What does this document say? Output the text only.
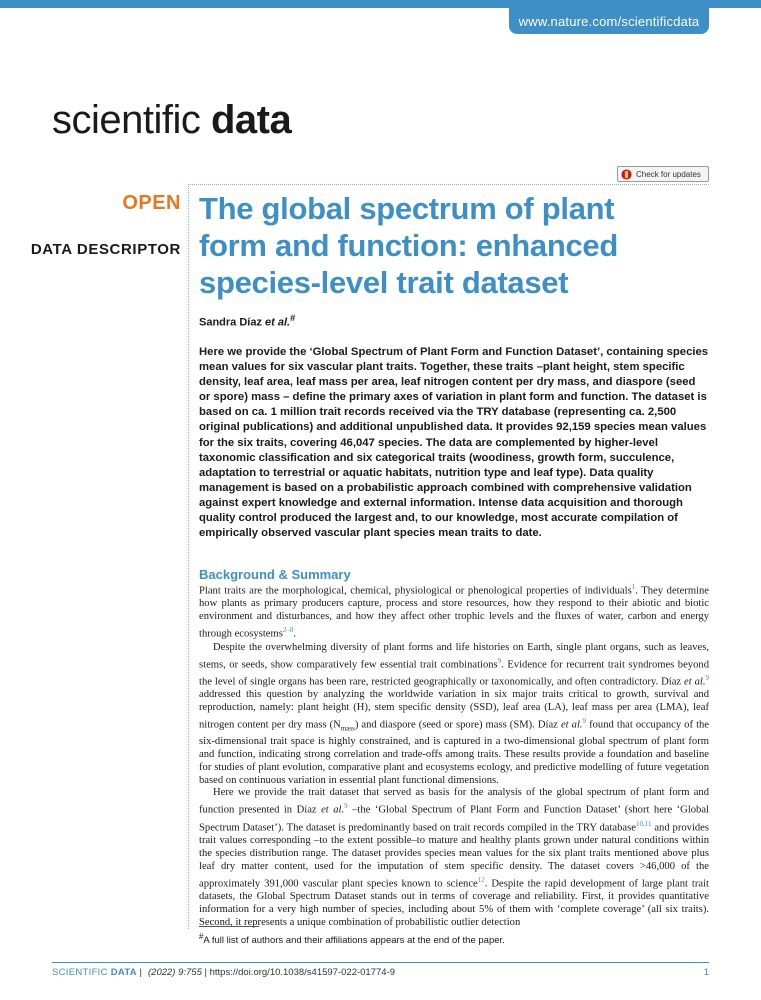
www.nature.com/scientificdata
scientific data
Check for updates
OPEN
DATA DESCRIPTOR
The global spectrum of plant form and function: enhanced species-level trait dataset
Sandra Díaz et al.#

Here we provide the ‘Global Spectrum of Plant Form and Function Dataset’, containing species mean values for six vascular plant traits. Together, these traits –plant height, stem specific density, leaf area, leaf mass per area, leaf nitrogen content per dry mass, and diaspore (seed or spore) mass – define the primary axes of variation in plant form and function. The dataset is based on ca. 1 million trait records received via the TRY database (representing ca. 2,500 original publications) and additional unpublished data. It provides 92,159 species mean values for the six traits, covering 46,047 species. The data are complemented by higher-level taxonomic classification and six categorical traits (woodiness, growth form, succulence, adaptation to terrestrial or aquatic habitats, nutrition type and leaf type). Data quality management is based on a probabilistic approach combined with comprehensive validation against expert knowledge and external information. Intense data acquisition and thorough quality control produced the largest and, to our knowledge, most accurate compilation of empirically observed vascular plant species mean traits to date.

Background & Summary

Plant traits are the morphological, chemical, physiological or phenological properties of individuals$^1$. They determine how plants as primary producers capture, process and store resources, how they respond to their abiotic and biotic environment and disturbances, and how they affect other trophic levels and the fluxes of water, carbon and energy through ecosystems$^{2-8}$.

Despite the overwhelming diversity of plant forms and life histories on Earth, single plant organs, such as leaves, stems, or seeds, show comparatively few essential trait combinations$^9$. Evidence for recurrent trait syndromes beyond the level of single organs has been rare, restricted geographically or taxonomically, and often contradictory. Díaz et al.$^9$ addressed this question by analyzing the worldwide variation in six major traits critical to growth, survival and reproduction, namely: plant height (H), stem specific density (SSD), leaf area (LA), leaf mass per area (LMA), leaf nitrogen content per dry mass $(N_{mass})$ and diaspore (seed or spore) mass (SM). Díaz et al.$^9$ found that occupancy of the six-dimensional trait space is highly constrained, and is captured in a two-dimensional global spectrum of plant form and function, indicating strong correlation and trade-offs among traits. These results provide a foundation and baseline for studies of plant evolution, comparative plant and ecosystems ecology, and predictive modelling of future vegetation based on continuous variation in essential plant functional dimensions.

Here we provide the trait dataset that served as basis for the analysis of the global spectrum of plant form and function presented in Díaz et al.$^9$ –the ‘Global Spectrum of Plant Form and Function Dataset’ (short here ‘Global Spectrum Dataset’). The dataset is predominantly based on trait records compiled in the TRY database$^{10,11}$ and provides trait values corresponding –to the extent possible–to mature and healthy plants grown under natural conditions within the species distribution range. The dataset provides species mean values for the six plant traits mentioned above plus leaf dry matter content, used for the imputation of stem specific density. The dataset covers >46,000 of the approximately 391,000 vascular plant species known to science$^{12}$. Despite the rapid development of large plant trait datasets, the Global Spectrum Dataset stands out in terms of coverage and reliability. First, it provides quantitative information for a very high number of species, including about 5% of them with ‘complete coverage’ (all six traits). Second, it represents a unique combination of probabilistic outlier detection

#A full list of authors and their affiliations appears at the end of the paper.
SCIENTIFIC DATA | (2022) 9:755 | https://doi.org/10.1038/s41597-022-01774-9	1
